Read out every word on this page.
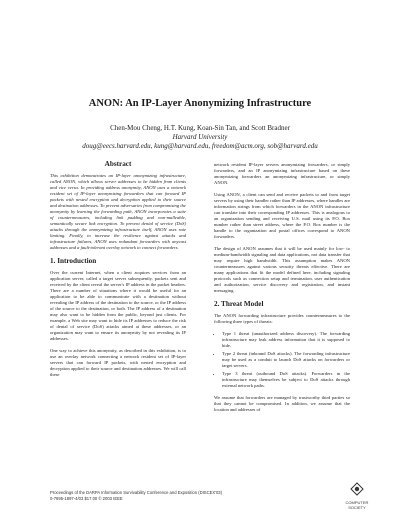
ANON: An IP-Layer Anonymizing Infrastructure
Chen-Mou Cheng, H.T. Kung, Koan-Sin Tan, and Scott Bradner
Harvard University
doug@eecs.harvard.edu, kung@harvard.edu, freedom@acm.org, sob@harvard.edu
Abstract

This exhibition demonstrates an IP-layer anonymizing infrastructure, called ANON, which allows server addresses to be hidden from clients and vice versa. In providing address anonymity, ANON uses a network resident set of IP-layer anonymizing forwarders that can forward IP packets with nested encryption and decryption applied to their source and destination addresses. To prevent adversaries from compromising the anonymity by learning the forwarding path, ANON incorporates a suite of countermeasures, including link padding and non-malleable, semantically secure link encryption. To prevent denial of service (DoS) attacks through the anonymizing infrastructure itself, ANON uses rate limiting. Finally, to increase the resilience against attacks and infrastructure failures, ANON uses redundant forwarders with anycast addresses and a fault-tolerant overlay network to connect forwarders.

1. Introduction

Over the current Internet, when a client acquires services from an application server, called a target server subsequently, packets sent and received by the client reveal the server's IP address in the packet headers. There are a number of situations where it would be useful for an application to be able to communicate with a destination without revealing the IP address of the destination to the source, or the IP address of the source to the destination, or both. The IP address of a destination may also want to be hidden from the public, beyond just clients. For example, a Web site may want to hide its IP addresses to reduce the risk of denial of service (DoS) attacks aimed at these addresses, or an organization may want to ensure its anonymity by not revealing its IP addresses.

One way to achieve this anonymity, as described in this exhibition, is to use an overlay network connecting a network resident set of IP-layer servers that can forward IP packets, with nested encryption and decryption applied to their source and destination addresses. We will call these

network resident IP-layer servers anonymizing forwarders, or simply forwarders, and an IP anonymizing infrastructure based on these anonymizing forwarders an anonymizing infrastructure, or simply ANON.

Using ANON, a client can send and receive packets to and from target servers by using their handler rather than IP addresses, where handles are information strings from which forwarders in the ANON infrastructure can translate into their corresponding IP addresses. This is analogous to an organization sending and receiving U.S. mail using its P.O. Box number rather than street address, where the P.O. Box number is the handle to the organization and postal offices correspond to ANON forwarders.

The design of ANON assumes that it will be used mainly for low- to medium-bandwidth signaling and data applications, not data transfer that may require high bandwidth. This assumption makes ANON countermeasures against various security threats effective. There are many applications that fit the model defined here, including signaling protocols such as connection setup and termination, user authentication and authorization, service discovery and registration, and instant messaging.

2. Threat Model

The ANON forwarding infrastructure provides countermeasures to the following three types of threats:

• Type 1 threat (unauthorized address discovery). The forwarding infrastructure may leak address information that it is supposed to hide.
• Type 2 threat (inbound DoS attacks). The forwarding infrastructure may be used as a conduit to launch DoS attacks on forwarders or target servers.
• Type 3 threat (outbound DoS attacks). Forwarders in the infrastructure may themselves be subject to DoS attacks through external network paths.

We assume that forwarders are managed by trustworthy third parties so that they cannot be compromised. In addition, we assume that the location and addresses of

Proceedings of the DARPA Information Survivability Conference and Exposition (DISCEX'03)
0-7695-1897-4/03 $17.00 © 2003 IEEE
COMPUTER
SOCIETY
